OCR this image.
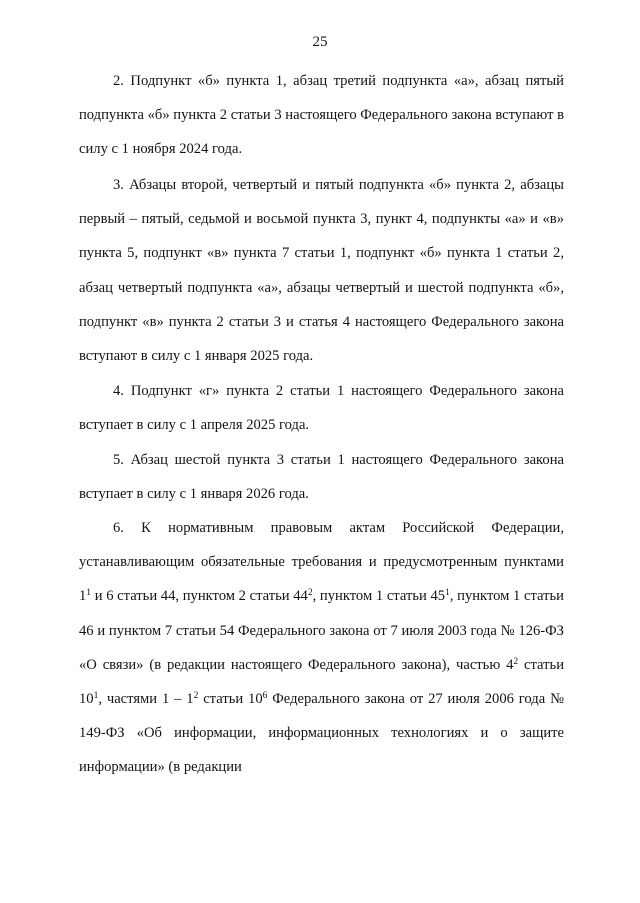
25

2. Подпункт «б» пункта 1, абзац третий подпункта «а», абзац пятый подпункта «б» пункта 2 статьи 3 настоящего Федерального закона вступают в силу с 1 ноября 2024 года.

3. Абзацы второй, четвертый и пятый подпункта «б» пункта 2, абзацы первый – пятый, седьмой и восьмой пункта 3, пункт 4, подпункты «а» и «в» пункта 5, подпункт «в» пункта 7 статьи 1, подпункт «б» пункта 1 статьи 2, абзац четвертый подпункта «а», абзацы четвертый и шестой подпункта «б», подпункт «в» пункта 2 статьи 3 и статья 4 настоящего Федерального закона вступают в силу с 1 января 2025 года.

4. Подпункт «г» пункта 2 статьи 1 настоящего Федерального закона вступает в силу с 1 апреля 2025 года.

5. Абзац шестой пункта 3 статьи 1 настоящего Федерального закона вступает в силу с 1 января 2026 года.

6. К нормативным правовым актам Российской Федерации, устанавливающим обязательные требования и предусмотренным пунктами $1^1$ и 6 статьи 44, пунктом 2 статьи $44^2$, пунктом 1 статьи $45^1$, пунктом 1 статьи 46 и пунктом 7 статьи 54 Федерального закона от 7 июля 2003 года № 126-ФЗ «О связи» (в редакции настоящего Федерального закона), частью $4^2$ статьи $10^1$, частями $1 - 1^2$ статьи $10^6$ Федерального закона от 27 июля 2006 года № 149-ФЗ «Об информации, информационных технологиях и о защите информации» (в редакции
